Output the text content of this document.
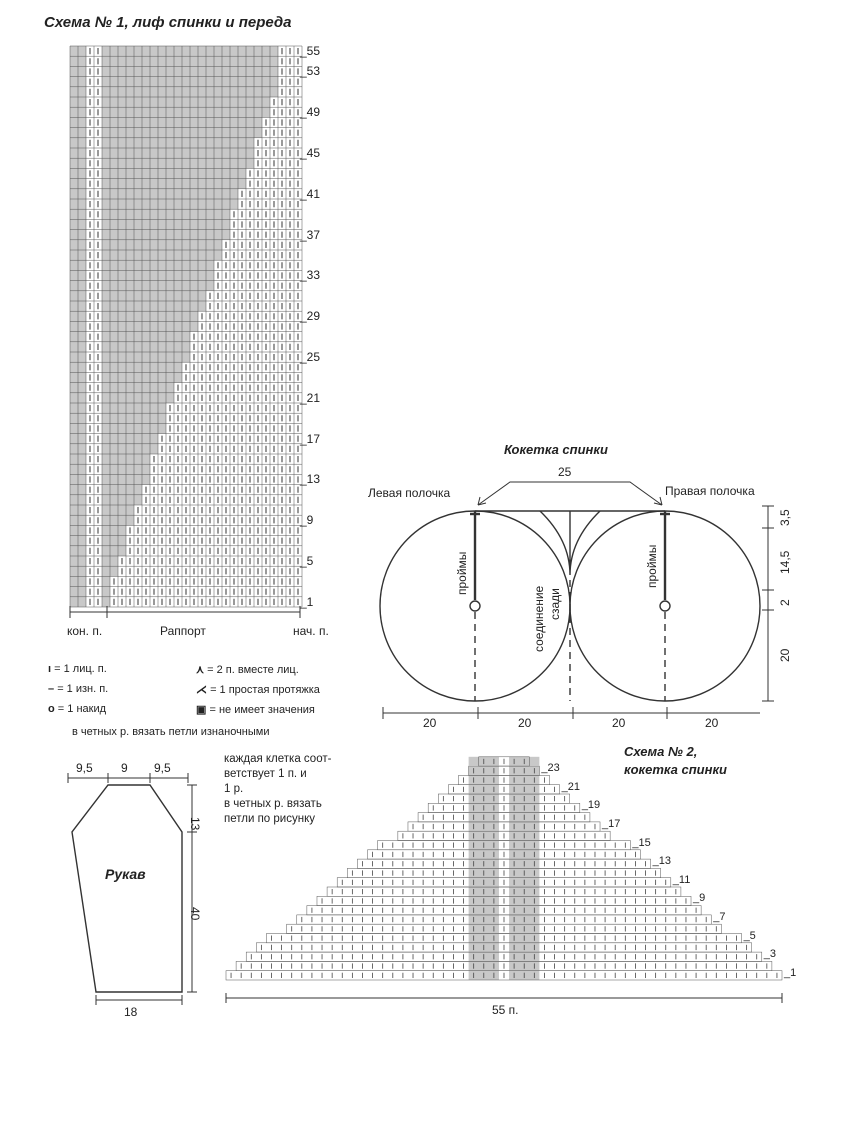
Схема № 1, лиф спинки и переда
_55
_53
_49
_45
_41
_37
_33
_29
_25
_21
_17
_13
_9
_5
_1
кон. п.	Раппорт	нач. п.
ı = 1 лиц. п.
– = 1 изн. п.
o = 1 накид
⋏ = 2 п. вместе лиц.
⋌ = 1 простая протяжка
▣ = не имеет значения
в четных р. вязать петли изнаночными
Кокетка спинки
25
Левая полочка	Правая полочка
проймы	проймы
соединение сзади
3,5
14,5
2
20
20	20	20	20
9,5 9 9,5
13
40
Рукав
18
каждая клетка соот-
ветствует 1 п. и
1 р.
в четных р. вязать
петли по рисунку
Схема № 2,
кокетка спинки
_23
_21
_19
_17
_15
_13
_11
_9
_7
_5
_3
_1
55 п.
